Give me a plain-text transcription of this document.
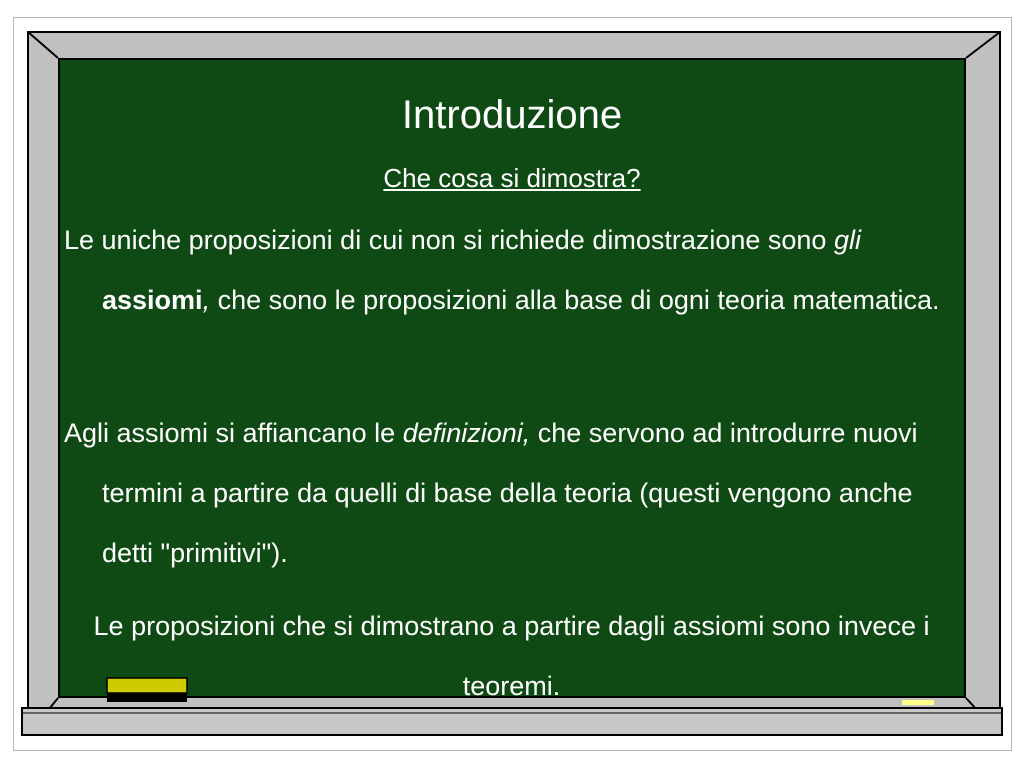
Introduzione
Che cosa si dimostra?
Le uniche proposizioni di cui non si richiede dimostrazione sono gli assiomi, che sono le proposizioni alla base di ogni teoria matematica.
Agli assiomi si affiancano le definizioni, che servono ad introdurre nuovi termini a partire da quelli di base della teoria (questi vengono anche detti "primitivi").
Le proposizioni che si dimostrano a partire dagli assiomi sono invece i teoremi.
